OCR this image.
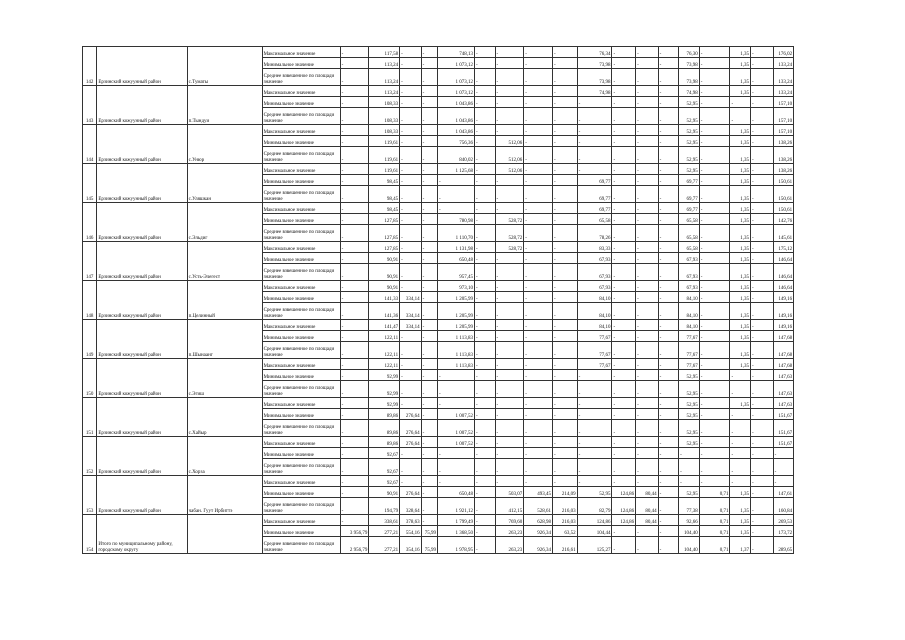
142	Ерзинский кожуунный район	с.Туматы	Максимальное значение	-	117,58	-	-	748,13	-	-	-	-	76,34	-	-	-	76,30	-	1,35	-	176,02
			Минимальное значение	-	113,24	-	-	1 073,12	-	-	-	-	73,98	-	-	-	73,98	-	1,35	-	133,24
			Среднее взвешенное по площади значение	-	113,24	-	-	1 073,12	-	-	-	-	73,98	-	-	-	73,98	-	1,35	-	133,24
143	Ерзинский кожуунный район	п.Тындуи	Максимальное значение	-	113,24	-	-	1 073,12	-	-	-	-	74,98	-	-	-	74,98	-	1,35	-	133,24
			Минимальное значение	-	108,33	-	-	1 043,86	-	-	-	-	-	-	-	-	52,95	-	-	-	157,10
			Среднее взвешенное по площади значение	-	108,33	-	-	1 043,86	-	-	-	-	-	-	-	-	52,95	-	-	-	157,10
144	Ерзинский кожуунный район	с.Унюр	Максимальное значение	-	108,33	-	-	1 043,86	-	-	-	-	-	-	-	-	52,95	-	1,35	-	157,10
			Минимальное значение	-	119,61	-	-	756,36	-	512,06	-	-	-	-	-	-	52,95	-	1,35	-	138,26
			Среднее взвешенное по площади значение	-	119,61	-	-	840,02	-	512,06	-	-	-	-	-	-	52,95	-	1,35	-	138,26
145	Ерзинский кожуунный район	с.Уляшкан	Максимальное значение	-	119,61	-	-	1 125,68	-	512,06	-	-	-	-	-	-	52,95	-	1,35	-	138,26
			Минимальное значение	-	98,45	-	-	-	-	-	-	-	69,77	-	-	-	69,77	-	1,35	-	150,61
			Среднее взвешенное по площади значение	-	98,45	-	-	-	-	-	-	-	69,77	-	-	-	69,77	-	1,35	-	150,61
146	Ерзинский кожуунный район	с.Эльдиг	Максимальное значение	-	98,45	-	-	-	-	-	-	-	69,77	-	-	-	69,77	-	1,35	-	150,61
			Минимальное значение	-	127,85	-	-	780,98	-	528,72	-	-	65,58	-	-	-	65,58	-	1,35	-	142,76
			Среднее взвешенное по площади значение	-	127,85	-	-	1 110,70	-	528,72	-	-	78,26	-	-	-	65,58	-	1,35	-	145,61
147	Ерзинский кожуунный район	с.Усть-Элегест	Максимальное значение	-	127,85	-	-	1 131,98	-	528,72	-	-	83,33	-	-	-	65,58	-	1,35	-	175,12
			Минимальное значение	-	90,91	-	-	650,48	-	-	-	-	67,93	-	-	-	67,93	-	1,35	-	146,64
			Среднее взвешенное по площади значение	-	90,91	-	-	957,45	-	-	-	-	67,93	-	-	-	67,93	-	1,35	-	146,64
148	Ерзинский кожуунный район	п.Целинный	Максимальное значение	-	90,91	-	-	973,10	-	-	-	-	67,93	-	-	-	67,93	-	1,35	-	146,64
			Минимальное значение	-	141,33	334,14	-	1 205,99	-	-	-	-	84,10	-	-	-	84,10	-	1,35	-	149,16
			Среднее взвешенное по площади значение	-	141,36	334,14	-	1 205,99	-	-	-	-	84,10	-	-	-	84,10	-	1,35	-	149,16
149	Ерзинский кожуунный район	п.Шынаанг	Максимальное значение	-	141,47	334,14	-	1 205,99	-	-	-	-	84,10	-	-	-	84,10	-	1,35	-	149,16
			Минимальное значение	-	122,11	-	-	1 113,83	-	-	-	-	77,67	-	-	-	77,67	-	1,35	-	147,68
			Среднее взвешенное по площади значение	-	122,11	-	-	1 113,83	-	-	-	-	77,67	-	-	-	77,67	-	1,35	-	147,68
150	Ерзинский кожуунный район	с.Эгиш	Максимальное значение	-	122,11	-	-	1 113,83	-	-	-	-	77,67	-	-	-	77,67	-	1,35	-	147,68
			Минимальное значение	-	92,99	-	-	-	-	-	-	-	-	-	-	-	52,95	-	-	-	147,63
			Среднее взвешенное по площади значение	-	92,99	-	-	-	-	-	-	-	-	-	-	-	52,95	-	-	-	147,63
151	Ерзинский кожуунный район	с.Хайыр	Максимальное значение	-	92,99	-	-	-	-	-	-	-	-	-	-	-	52,95	-	1,35	-	147,63
			Минимальное значение	-	89,86	276,64	-	1 007,52	-	-	-	-	-	-	-	-	52,95	-	-	-	151,67
			Среднее взвешенное по площади значение	-	89,86	276,64	-	1 007,52	-	-	-	-	-	-	-	-	52,95	-	-	-	151,67
152	Ерзинский кожуунный район	с.Хорза	Максимальное значение	-	89,86	276,64	-	1 007,52	-	-	-	-	-	-	-	-	52,95	-	-	-	151,67
			Минимальное значение	-	92,67	-	-	-	-	-	-	-	-	-	-	-	-	-	-	-	-
			Среднее взвешенное по площади значение	-	92,67	-	-	-	-	-	-	-	-	-	-	-	-	-	-	-	-
153	Ерзинский кожуунный район	чабан. Гуут Ирбиттэ	Максимальное значение	-	92,67	-	-	-	-	-	-	-	-	-	-	-	-	-	-	-	-
			Минимальное значение	-	90,91	276,64	-	650,48	-	503,07	493,45	214,09	52,95	124,86	80,44	-	52,95	0,71	1,35	-	147,61
			Среднее взвешенное по площади значение	-	194,79	328,64	-	1 921,12	-	412,15	528,61	216,03	82,79	124,86	80,44	-	77,38	0,71	1,35	-	160,84
154	Итого по муниципальному району, городскому округу		Максимальное значение	-	338,61	378,63	-	1 799,49	-	769,60	628,98	216,03	124,86	124,86	80,44	-	92,66	0,71	1,35	-	269,53
			Минимальное значение	3 956,79	277,21	554,16	75,99	1 368,50	-	263,23	926,34	63,52	104,44	-	-	-	104,40	0,71	1,35	-	173,72
			Среднее взвешенное по площади значение	2 956,79	277,21	354,16	75,99	1 978,95	-	263,23	926,34	216,61	125,27	-	-	-	104,40	0,71	1,37	-	289,65
